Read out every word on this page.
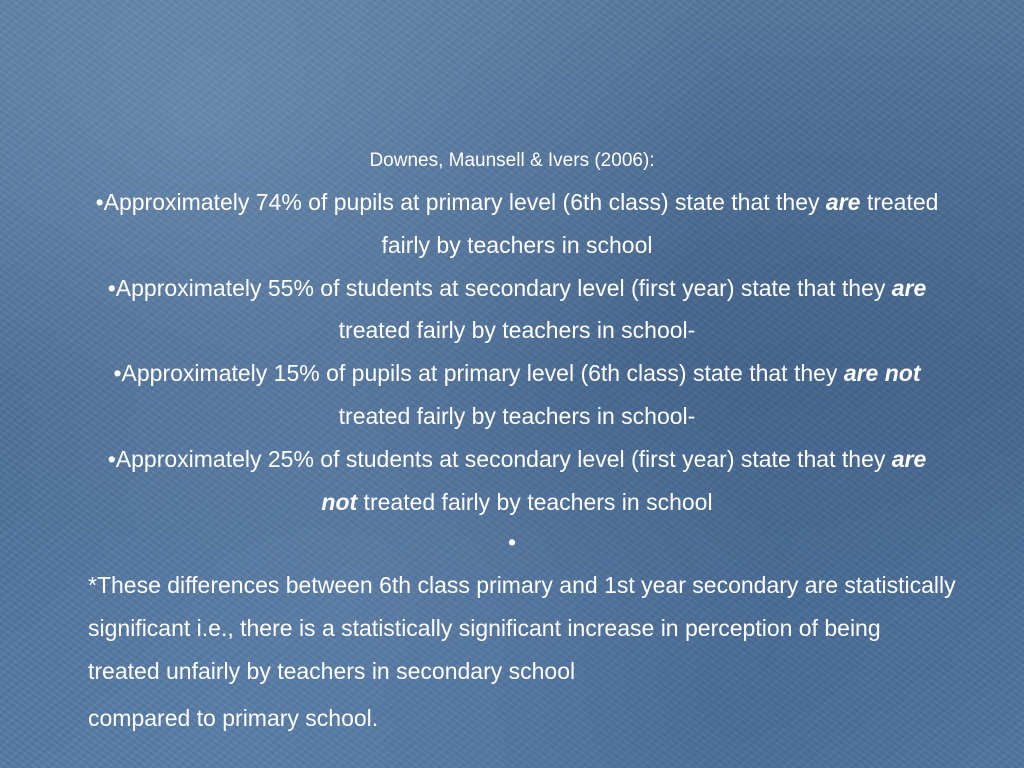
Downes, Maunsell & Ivers (2006):
•Approximately 74% of pupils at primary level (6th class) state that they are treated fairly by teachers in school
•Approximately 55% of students at secondary level (first year) state that they are treated fairly by teachers in school-
•Approximately 15% of pupils at primary level (6th class) state that they are not treated fairly by teachers in school-
•Approximately 25% of students at secondary level (first year) state that they are not treated fairly by teachers in school
•

*These differences between 6th class primary and 1st year secondary are statistically significant i.e., there is a statistically significant increase in perception of being treated unfairly by teachers in secondary school
compared to primary school.
